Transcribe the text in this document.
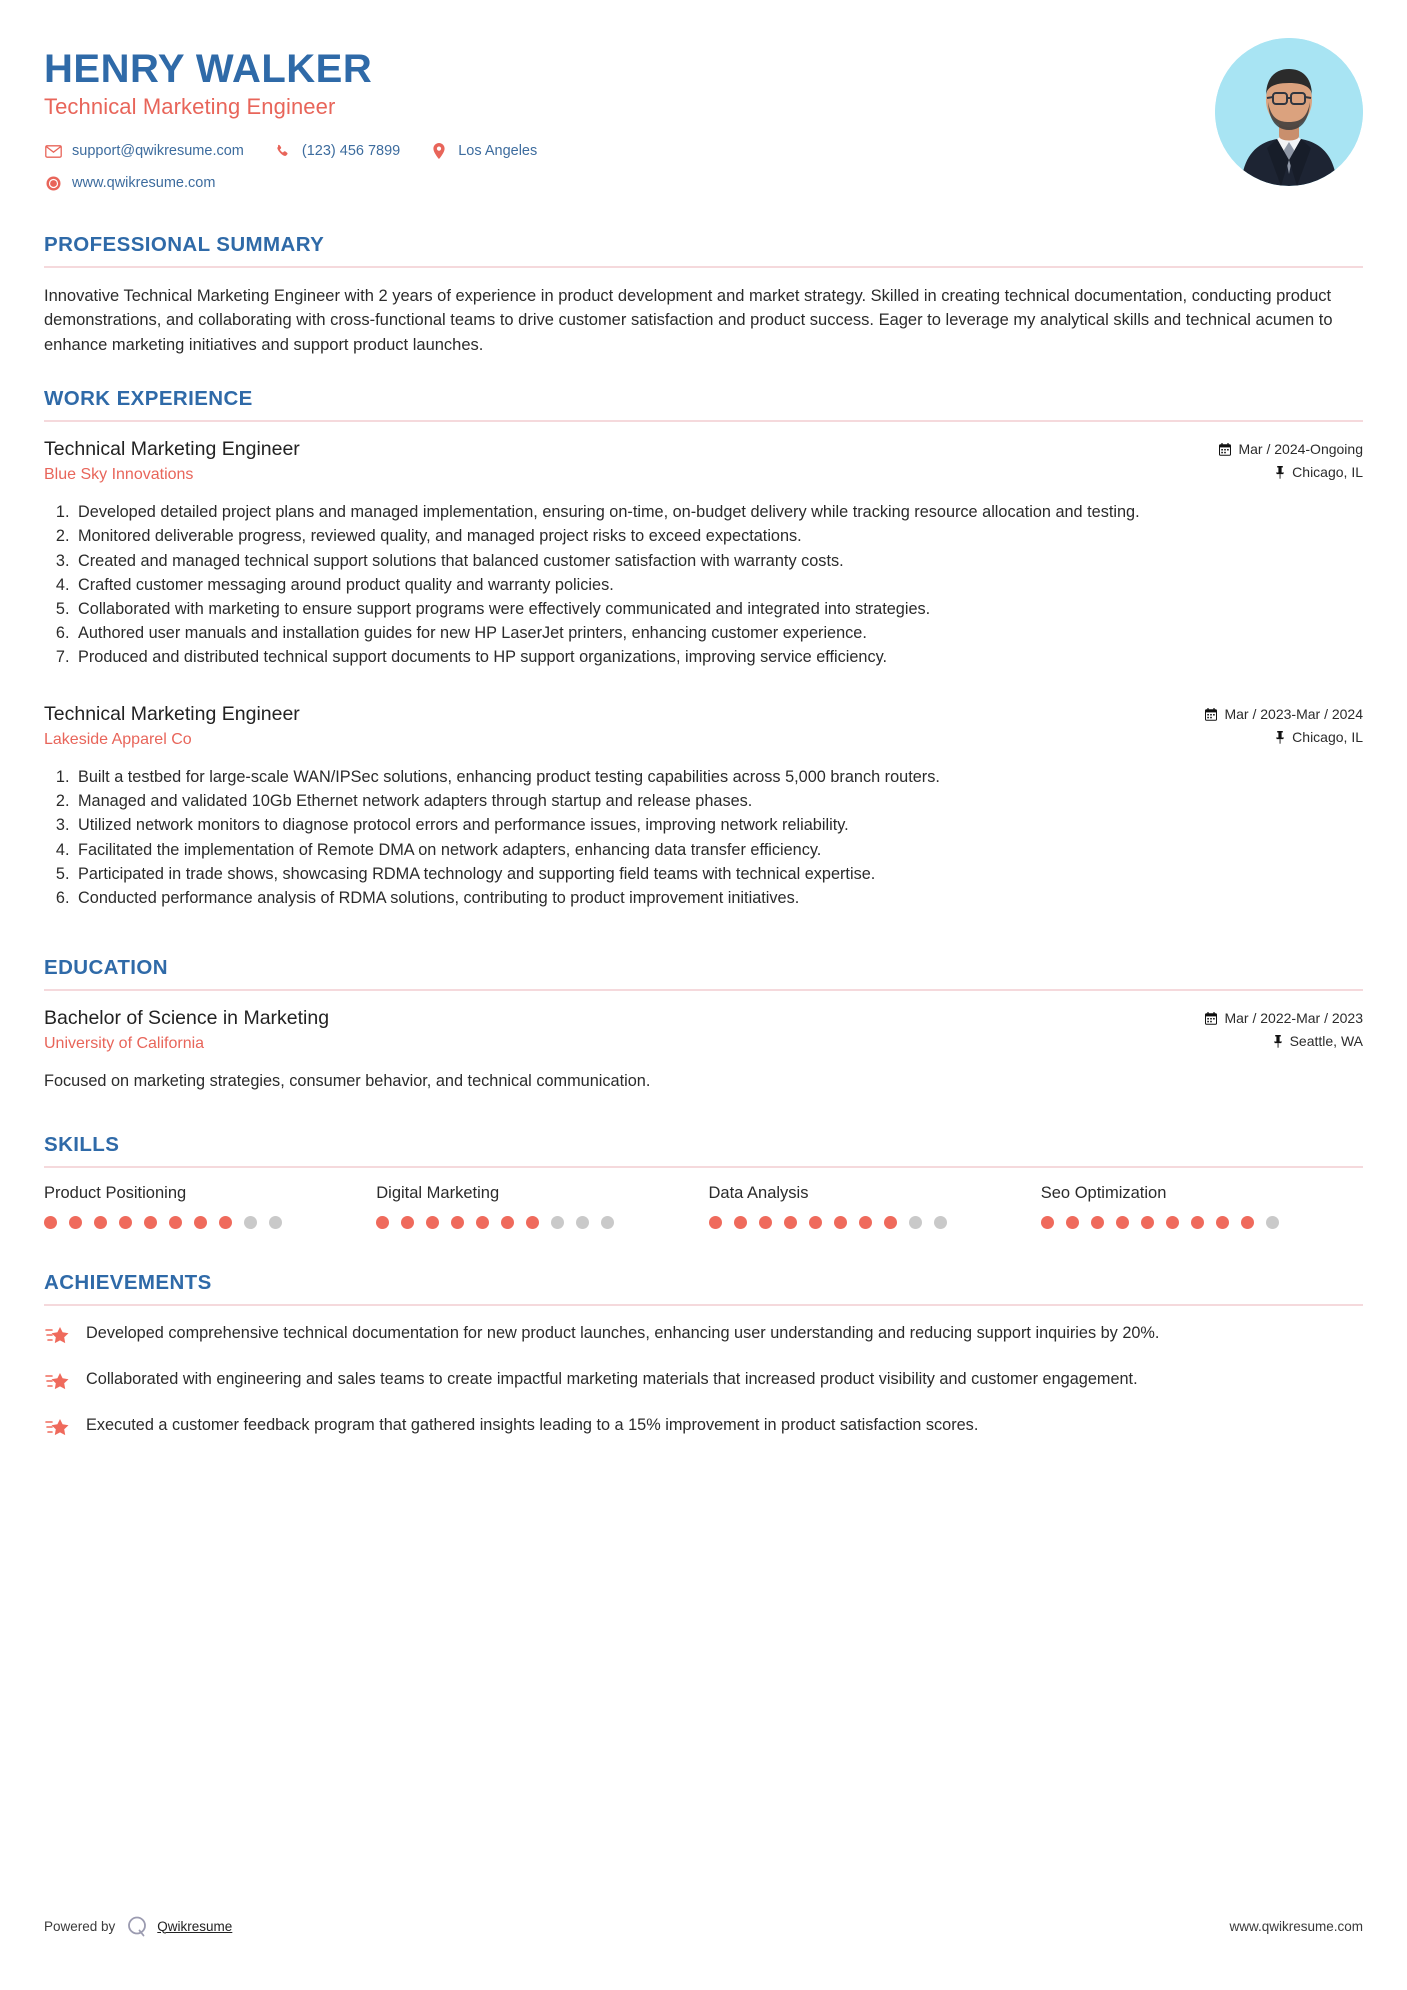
HENRY WALKER
Technical Marketing Engineer
support@qwikresume.com	(123) 456 7899	Los Angeles
www.qwikresume.com
PROFESSIONAL SUMMARY

Innovative Technical Marketing Engineer with 2 years of experience in product development and market strategy. Skilled in creating technical documentation, conducting product demonstrations, and collaborating with cross-functional teams to drive customer satisfaction and product success. Eager to leverage my analytical skills and technical acumen to enhance marketing initiatives and support product launches.

WORK EXPERIENCE
Technical Marketing Engineer
Blue Sky Innovations
Mar / 2024-Ongoing
Chicago, IL
1. Developed detailed project plans and managed implementation, ensuring on-time, on-budget delivery while tracking resource allocation and testing.
2. Monitored deliverable progress, reviewed quality, and managed project risks to exceed expectations.
3. Created and managed technical support solutions that balanced customer satisfaction with warranty costs.
4. Crafted customer messaging around product quality and warranty policies.
5. Collaborated with marketing to ensure support programs were effectively communicated and integrated into strategies.
6. Authored user manuals and installation guides for new HP LaserJet printers, enhancing customer experience.
7. Produced and distributed technical support documents to HP support organizations, improving service efficiency.
Technical Marketing Engineer
Lakeside Apparel Co
Mar / 2023-Mar / 2024
Chicago, IL
1. Built a testbed for large-scale WAN/IPSec solutions, enhancing product testing capabilities across 5,000 branch routers.
2. Managed and validated 10Gb Ethernet network adapters through startup and release phases.
3. Utilized network monitors to diagnose protocol errors and performance issues, improving network reliability.
4. Facilitated the implementation of Remote DMA on network adapters, enhancing data transfer efficiency.
5. Participated in trade shows, showcasing RDMA technology and supporting field teams with technical expertise.
6. Conducted performance analysis of RDMA solutions, contributing to product improvement initiatives.
EDUCATION
Bachelor of Science in Marketing
University of California
Mar / 2022-Mar / 2023
Seattle, WA

Focused on marketing strategies, consumer behavior, and technical communication.

SKILLS
Product Positioning	Digital Marketing	Data Analysis	Seo Optimization
ACHIEVEMENTS
Developed comprehensive technical documentation for new product launches, enhancing user understanding and reducing support inquiries by 20%.
Collaborated with engineering and sales teams to create impactful marketing materials that increased product visibility and customer engagement.
Executed a customer feedback program that gathered insights leading to a 15% improvement in product satisfaction scores.
Powered by	Qwikresume	www.qwikresume.com
